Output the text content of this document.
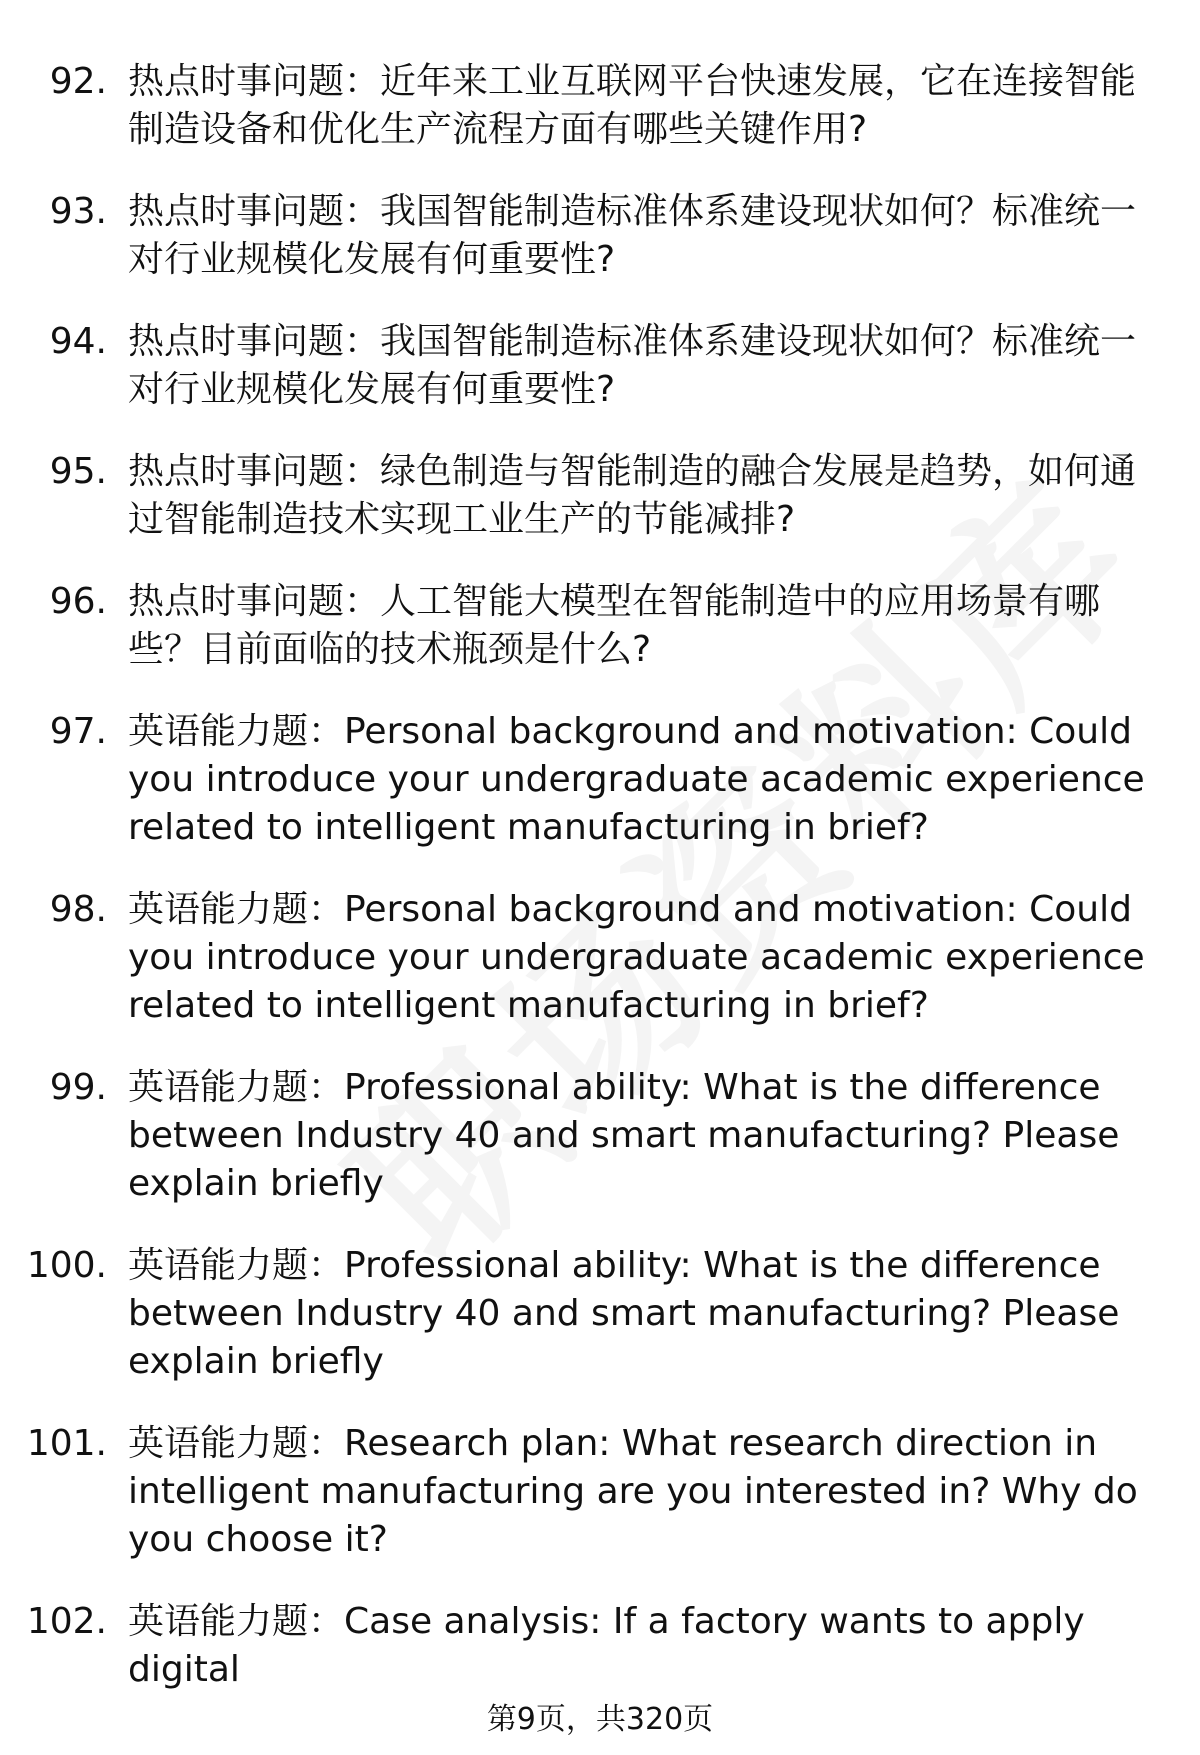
92. 热点时事问题：近年来工业互联网平台快速发展，它在连接智能制造设备和优化生产流程方面有哪些关键作用?
93. 热点时事问题：我国智能制造标准体系建设现状如何？标准统一对行业规模化发展有何重要性?
94. 热点时事问题：我国智能制造标准体系建设现状如何？标准统一对行业规模化发展有何重要性?
95. 热点时事问题：绿色制造与智能制造的融合发展是趋势，如何通过智能制造技术实现工业生产的节能减排?
96. 热点时事问题：人工智能大模型在智能制造中的应用场景有哪些？目前面临的技术瓶颈是什么?
97. 英语能力题：Personal background and motivation: Could you introduce your undergraduate academic experience related to intelligent manufacturing in brief?
98. 英语能力题：Personal background and motivation: Could you introduce your undergraduate academic experience related to intelligent manufacturing in brief?
99. 英语能力题：Professional ability: What is the difference between Industry 40 and smart manufacturing? Please explain briefly
100. 英语能力题：Professional ability: What is the difference between Industry 40 and smart manufacturing? Please explain briefly
101. 英语能力题：Research plan: What research direction in intelligent manufacturing are you interested in? Why do you choose it?
102. 英语能力题：Case analysis: If a factory wants to apply digital
第9页，共320页
